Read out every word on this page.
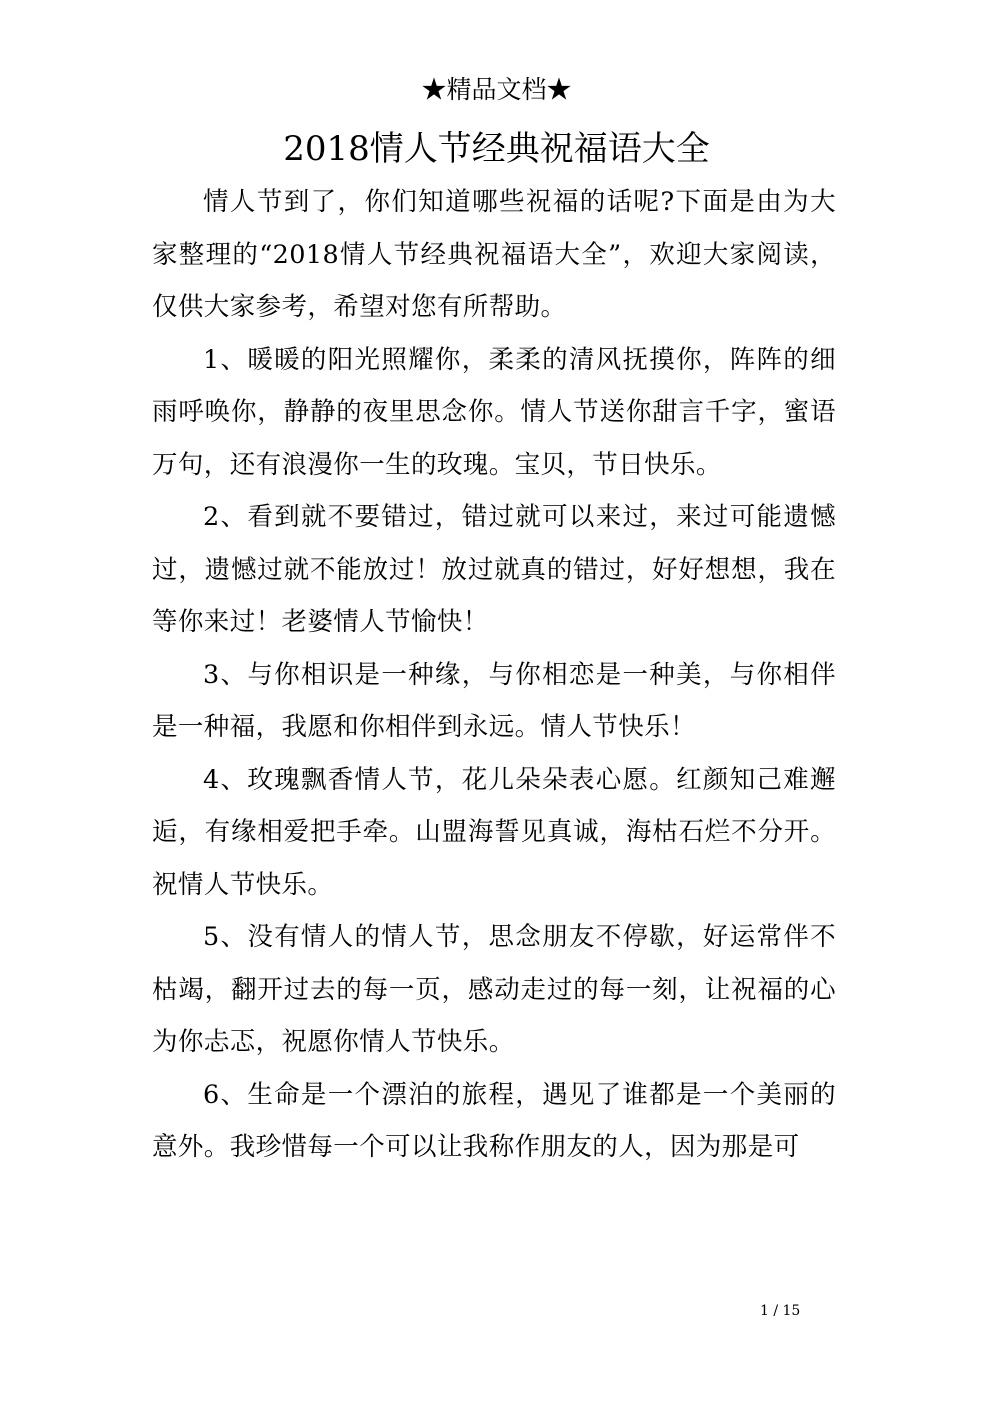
★精品文档★
2018情人节经典祝福语大全

情人节到了，你们知道哪些祝福的话呢?下面是由为大家整理的“2018情人节经典祝福语大全”，欢迎大家阅读，仅供大家参考，希望对您有所帮助。

1、暖暖的阳光照耀你，柔柔的清风抚摸你，阵阵的细雨呼唤你，静静的夜里思念你。情人节送你甜言千字，蜜语万句，还有浪漫你一生的玫瑰。宝贝，节日快乐。

2、看到就不要错过，错过就可以来过，来过可能遗憾过，遗憾过就不能放过！放过就真的错过，好好想想，我在等你来过！老婆情人节愉快！

3、与你相识是一种缘，与你相恋是一种美，与你相伴是一种福，我愿和你相伴到永远。情人节快乐！

4、玫瑰飘香情人节，花儿朵朵表心愿。红颜知己难邂逅，有缘相爱把手牵。山盟海誓见真诚，海枯石烂不分开。祝情人节快乐。

5、没有情人的情人节，思念朋友不停歇，好运常伴不枯竭，翻开过去的每一页，感动走过的每一刻，让祝福的心为你忐忑，祝愿你情人节快乐。

6、生命是一个漂泊的旅程，遇见了谁都是一个美丽的意外。我珍惜每一个可以让我称作朋友的人，因为那是可

1 / 15
